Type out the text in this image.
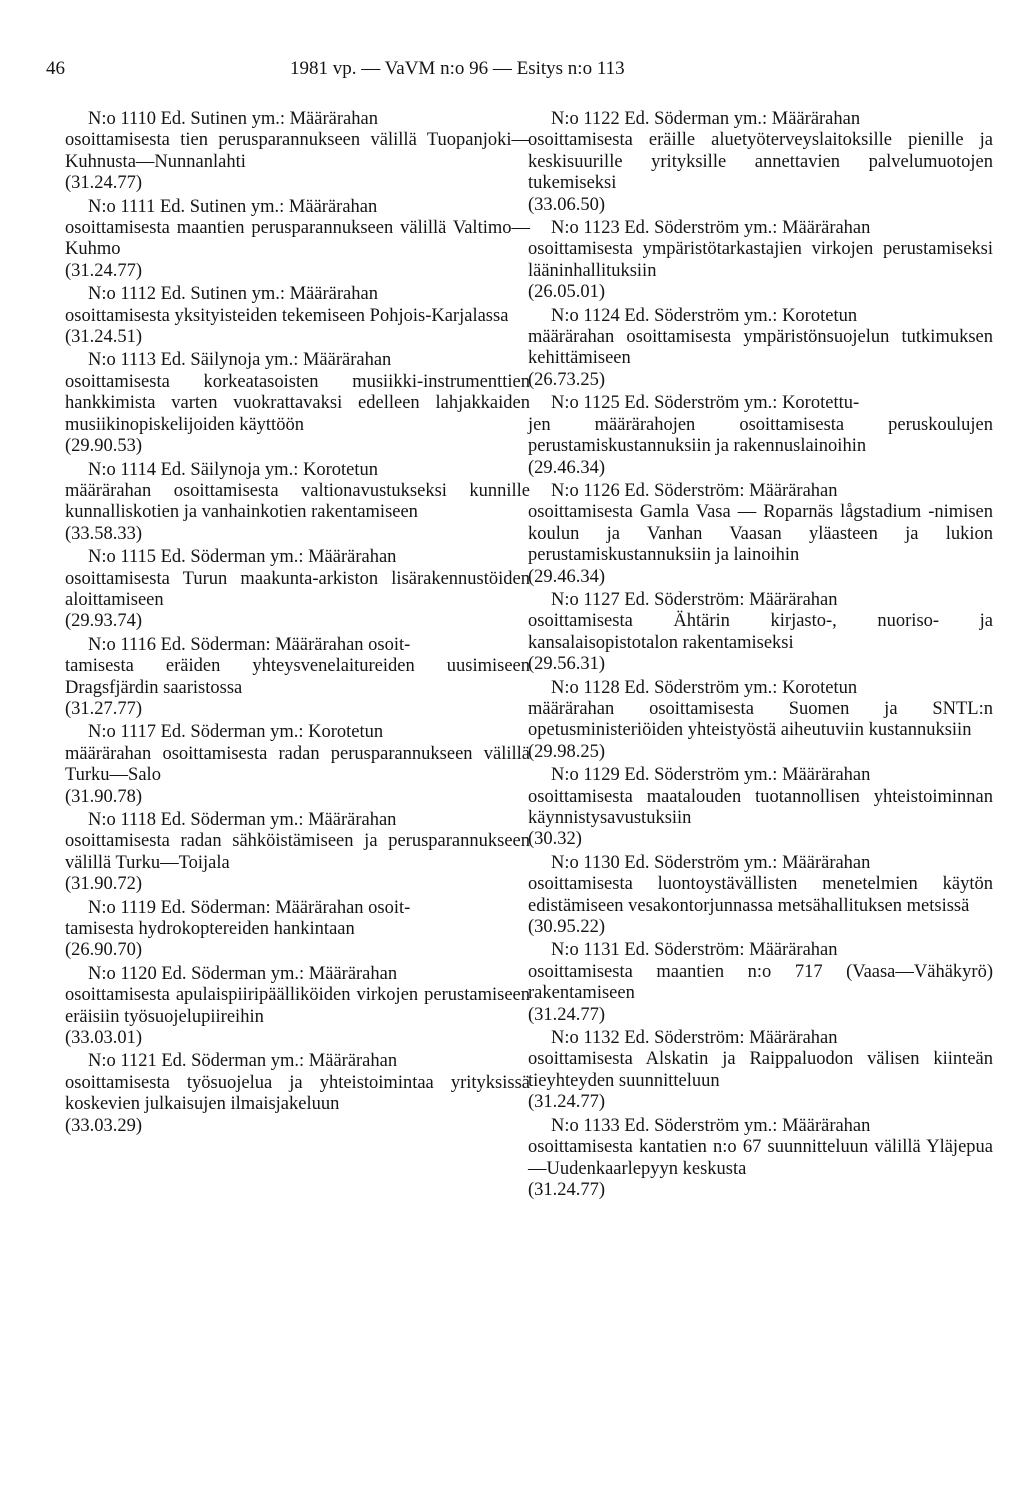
46	1981 vp. — VaVM n:o 96 — Esitys n:o 113
N:o 1110 Ed. Sutinen ym.: Määrärahan
osoittamisesta tien perusparannukseen välillä Tuopanjoki—Kuhnusta—Nunnanlahti
(31.24.77)
N:o 1111 Ed. Sutinen ym.: Määrärahan
osoittamisesta maantien perusparannukseen välillä Valtimo—Kuhmo
(31.24.77)
N:o 1112 Ed. Sutinen ym.: Määrärahan
osoittamisesta yksityisteiden tekemiseen Pohjois-Karjalassa
(31.24.51)
N:o 1113 Ed. Säilynoja ym.: Määrärahan
osoittamisesta korkeatasoisten musiikki-instrumenttien hankkimista varten vuokrattavaksi edelleen lahjakkaiden musiikinopiskelijoiden käyttöön
(29.90.53)
N:o 1114 Ed. Säilynoja ym.: Korotetun
määrärahan osoittamisesta valtionavustukseksi kunnille kunnalliskotien ja vanhainkotien rakentamiseen
(33.58.33)
N:o 1115 Ed. Söderman ym.: Määrärahan
osoittamisesta Turun maakunta-arkiston lisärakennustöiden aloittamiseen
(29.93.74)
N:o 1116 Ed. Söderman: Määrärahan osoit-
tamisesta eräiden yhteysvenelaitureiden uusimiseen Dragsfjärdin saaristossa
(31.27.77)
N:o 1117 Ed. Söderman ym.: Korotetun
määrärahan osoittamisesta radan perusparannukseen välillä Turku—Salo
(31.90.78)
N:o 1118 Ed. Söderman ym.: Määrärahan
osoittamisesta radan sähköistämiseen ja perusparannukseen välillä Turku—Toijala
(31.90.72)
N:o 1119 Ed. Söderman: Määrärahan osoit-
tamisesta hydrokoptereiden hankintaan
(26.90.70)
N:o 1120 Ed. Söderman ym.: Määrärahan
osoittamisesta apulaispiiripäälliköiden virkojen perustamiseen eräisiin työsuojelupiireihin
(33.03.01)
N:o 1121 Ed. Söderman ym.: Määrärahan
osoittamisesta työsuojelua ja yhteistoimintaa yrityksissä koskevien julkaisujen ilmaisjakeluun
(33.03.29)
N:o 1122 Ed. Söderman ym.: Määrärahan
osoittamisesta eräille aluetyöterveyslaitoksille pienille ja keskisuurille yrityksille annettavien palvelumuotojen tukemiseksi
(33.06.50)
N:o 1123 Ed. Söderström ym.: Määrärahan
osoittamisesta ympäristötarkastajien virkojen perustamiseksi lääninhallituksiin
(26.05.01)
N:o 1124 Ed. Söderström ym.: Korotetun
määrärahan osoittamisesta ympäristönsuojelun tutkimuksen kehittämiseen
(26.73.25)
N:o 1125 Ed. Söderström ym.: Korotettu-
jen määrärahojen osoittamisesta peruskoulujen perustamiskustannuksiin ja rakennuslainoihin
(29.46.34)
N:o 1126 Ed. Söderström: Määrärahan
osoittamisesta Gamla Vasa — Roparnäs lågstadium -nimisen koulun ja Vanhan Vaasan yläasteen ja lukion perustamiskustannuksiin ja lainoihin
(29.46.34)
N:o 1127 Ed. Söderström: Määrärahan
osoittamisesta Ähtärin kirjasto-, nuoriso- ja kansalaisopistotalon rakentamiseksi
(29.56.31)
N:o 1128 Ed. Söderström ym.: Korotetun
määrärahan osoittamisesta Suomen ja SNTL:n opetusministeriöiden yhteistyöstä aiheutuviin kustannuksiin
(29.98.25)
N:o 1129 Ed. Söderström ym.: Määrärahan
osoittamisesta maatalouden tuotannollisen yhteistoiminnan käynnistysavustuksiin
(30.32)
N:o 1130 Ed. Söderström ym.: Määrärahan
osoittamisesta luontoystävällisten menetelmien käytön edistämiseen vesakontorjunnassa metsähallituksen metsissä
(30.95.22)
N:o 1131 Ed. Söderström: Määrärahan
osoittamisesta maantien n:o 717 (Vaasa—Vähäkyrö) rakentamiseen
(31.24.77)
N:o 1132 Ed. Söderström: Määrärahan
osoittamisesta Alskatin ja Raippaluodon välisen kiinteän tieyhteyden suunnitteluun
(31.24.77)
N:o 1133 Ed. Söderström ym.: Määrärahan
osoittamisesta kantatien n:o 67 suunnitteluun välillä Yläjepua—Uudenkaarlepyyn keskusta
(31.24.77)
